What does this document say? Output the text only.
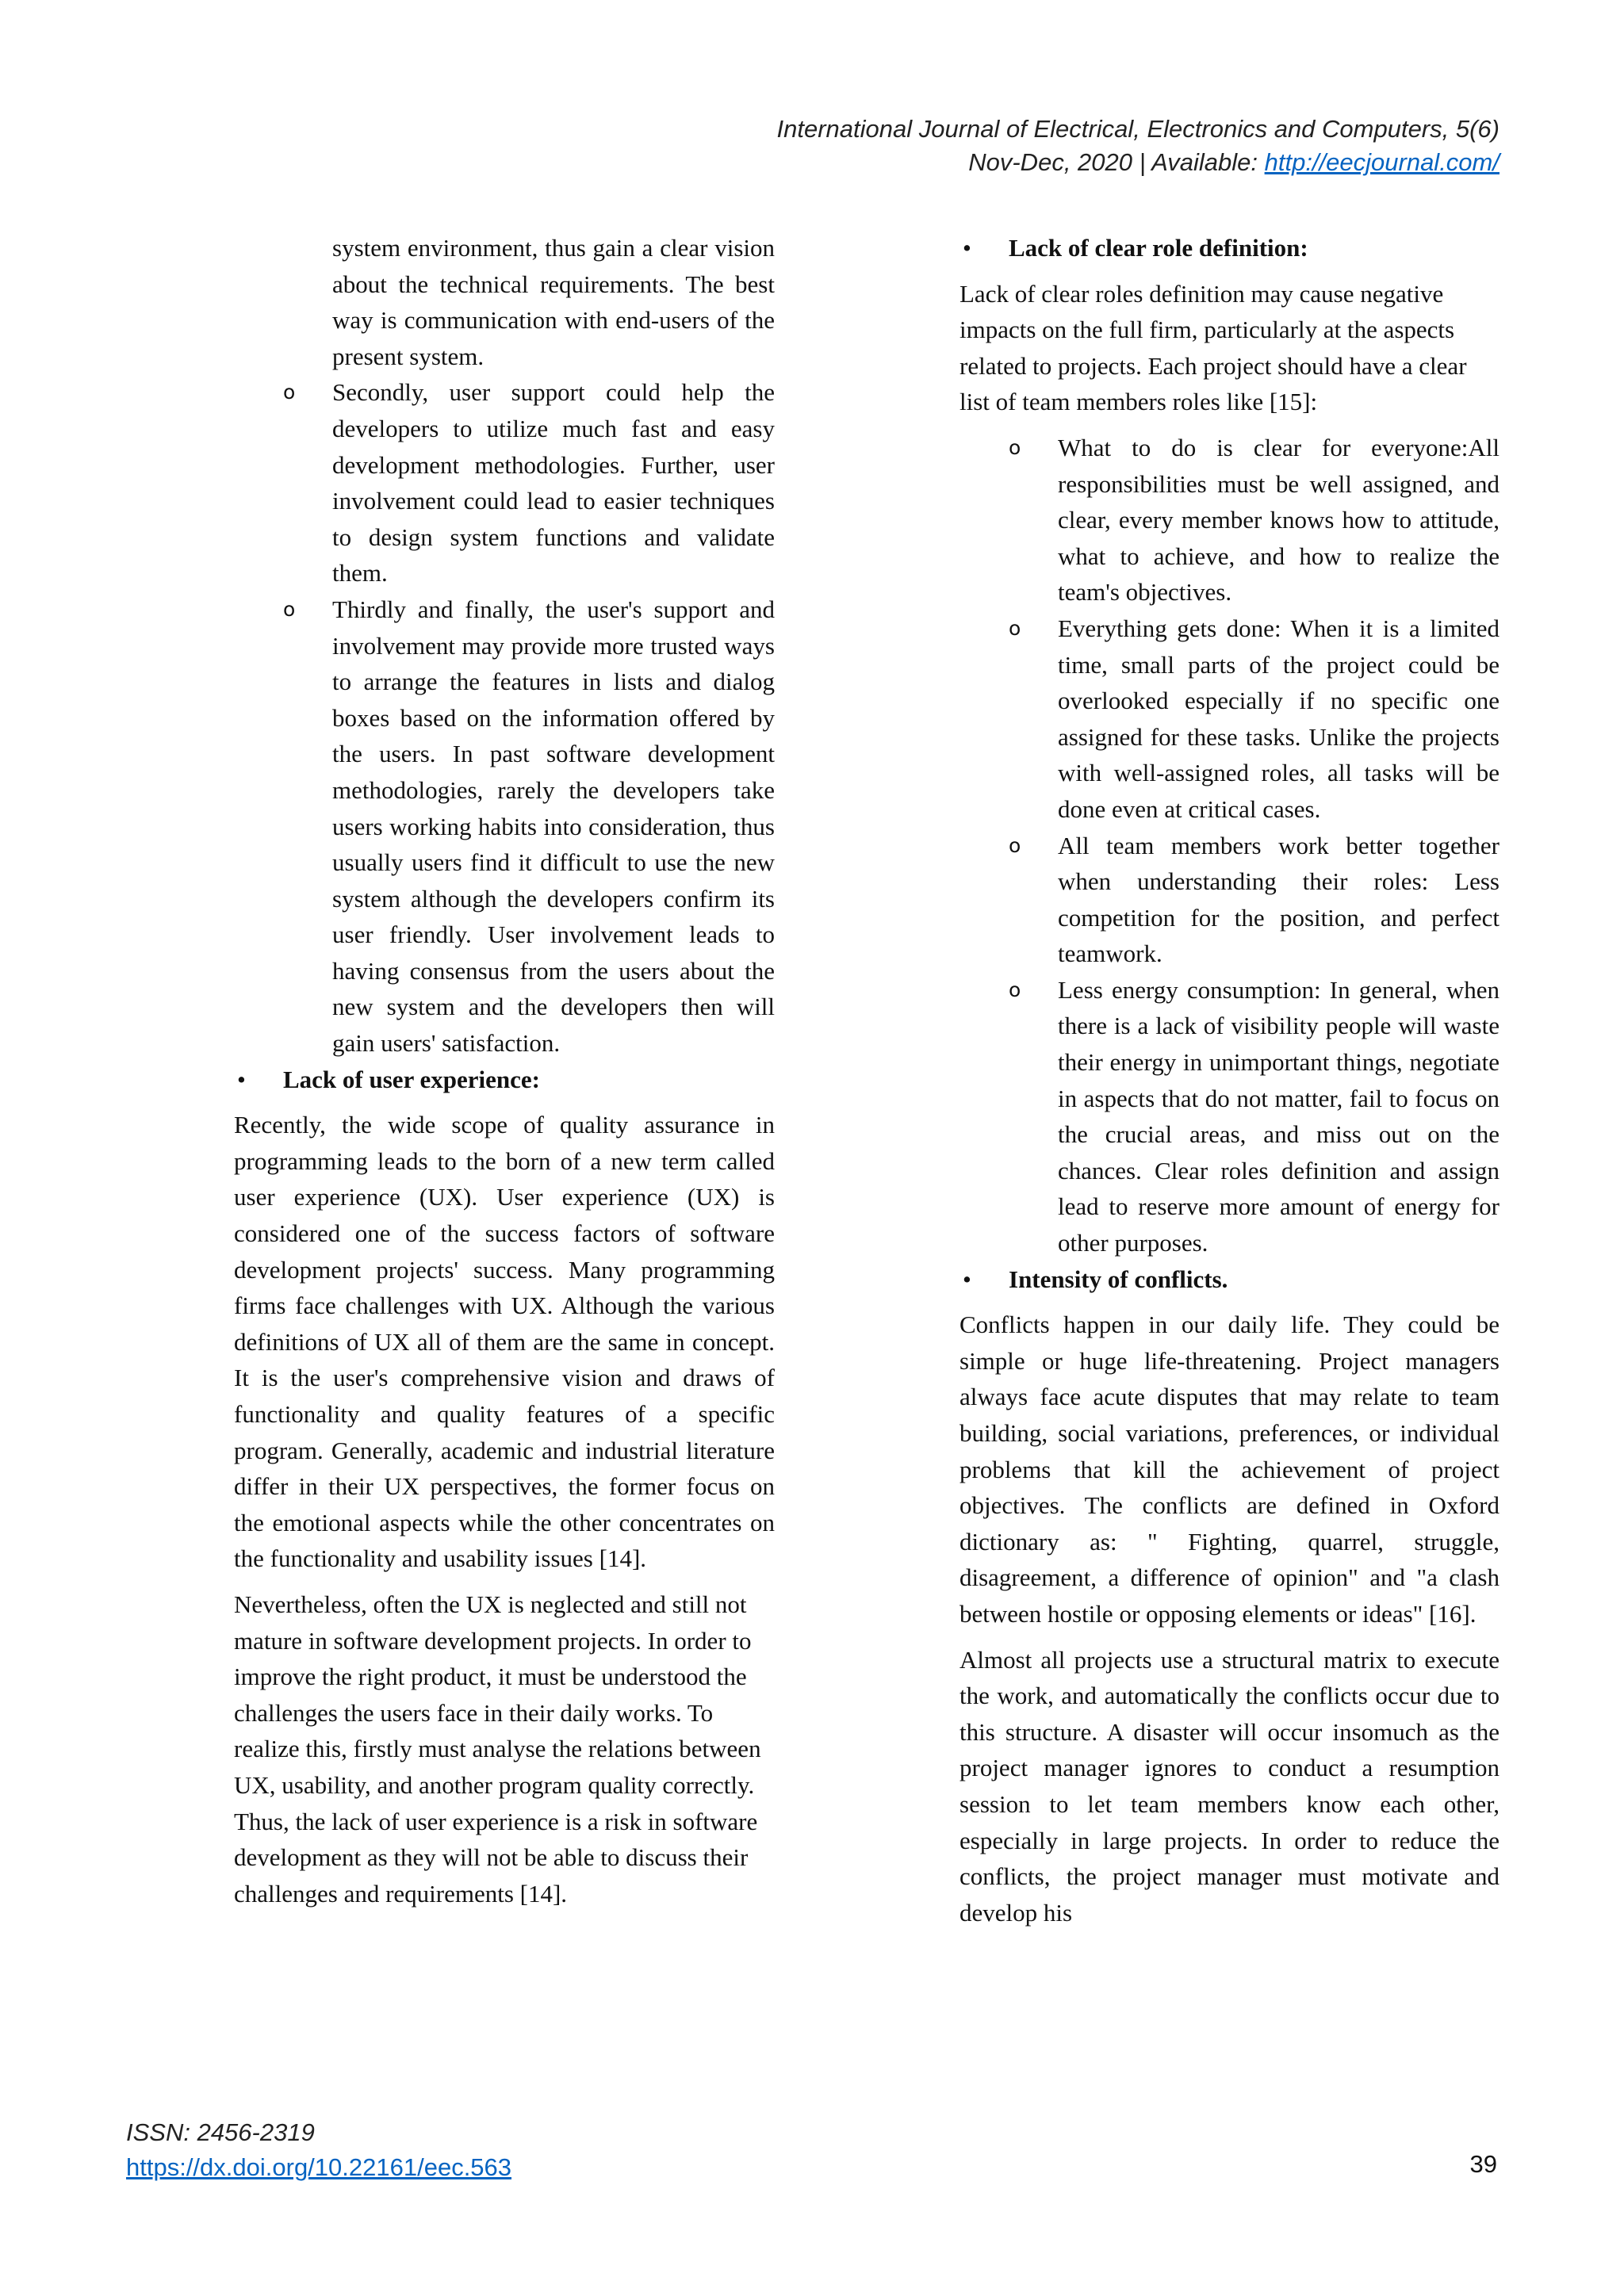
International Journal of Electrical, Electronics and Computers, 5(6)
Nov-Dec, 2020 | Available: http://eecjournal.com/

system environment, thus gain a clear vision about the technical requirements. The best way is communication with end-users of the present system.

o Secondly, user support could help the developers to utilize much fast and easy development methodologies. Further, user involvement could lead to easier techniques to design system functions and validate them.

o Thirdly and finally, the user's support and involvement may provide more trusted ways to arrange the features in lists and dialog boxes based on the information offered by the users. In past software development methodologies, rarely the developers take users working habits into consideration, thus usually users find it difficult to use the new system although the developers confirm its user friendly. User involvement leads to having consensus from the users about the new system and the developers then will gain users' satisfaction.

• Lack of user experience:

Recently, the wide scope of quality assurance in programming leads to the born of a new term called user experience (UX). User experience (UX) is considered one of the success factors of software development projects' success. Many programming firms face challenges with UX. Although the various definitions of UX all of them are the same in concept. It is the user's comprehensive vision and draws of functionality and quality features of a specific program. Generally, academic and industrial literature differ in their UX perspectives, the former focus on the emotional aspects while the other concentrates on the functionality and usability issues [14].

Nevertheless, often the UX is neglected and still not mature in software development projects. In order to improve the right product, it must be understood the challenges the users face in their daily works. To realize this, firstly must analyse the relations between UX, usability, and another program quality correctly. Thus, the lack of user experience is a risk in software development as they will not be able to discuss their challenges and requirements [14].

• Lack of clear role definition:

Lack of clear roles definition may cause negative impacts on the full firm, particularly at the aspects related to projects. Each project should have a clear list of team members roles like [15]:

o What to do is clear for everyone:All responsibilities must be well assigned, and clear, every member knows how to attitude, what to achieve, and how to realize the team's objectives.

o Everything gets done: When it is a limited time, small parts of the project could be overlooked especially if no specific one assigned for these tasks. Unlike the projects with well-assigned roles, all tasks will be done even at critical cases.

o All team members work better together when understanding their roles: Less competition for the position, and perfect teamwork.

o Less energy consumption: In general, when there is a lack of visibility people will waste their energy in unimportant things, negotiate in aspects that do not matter, fail to focus on the crucial areas, and miss out on the chances. Clear roles definition and assign lead to reserve more amount of energy for other purposes.

• Intensity of conflicts.

Conflicts happen in our daily life. They could be simple or huge life-threatening. Project managers always face acute disputes that may relate to team building, social variations, preferences, or individual problems that kill the achievement of project objectives. The conflicts are defined in Oxford dictionary as: " Fighting, quarrel, struggle, disagreement, a difference of opinion" and "a clash between hostile or opposing elements or ideas" [16].

Almost all projects use a structural matrix to execute the work, and automatically the conflicts occur due to this structure. A disaster will occur insomuch as the project manager ignores to conduct a resumption session to let team members know each other, especially in large projects. In order to reduce the conflicts, the project manager must motivate and develop his

ISSN: 2456-2319
https://dx.doi.org/10.22161/eec.563	39
